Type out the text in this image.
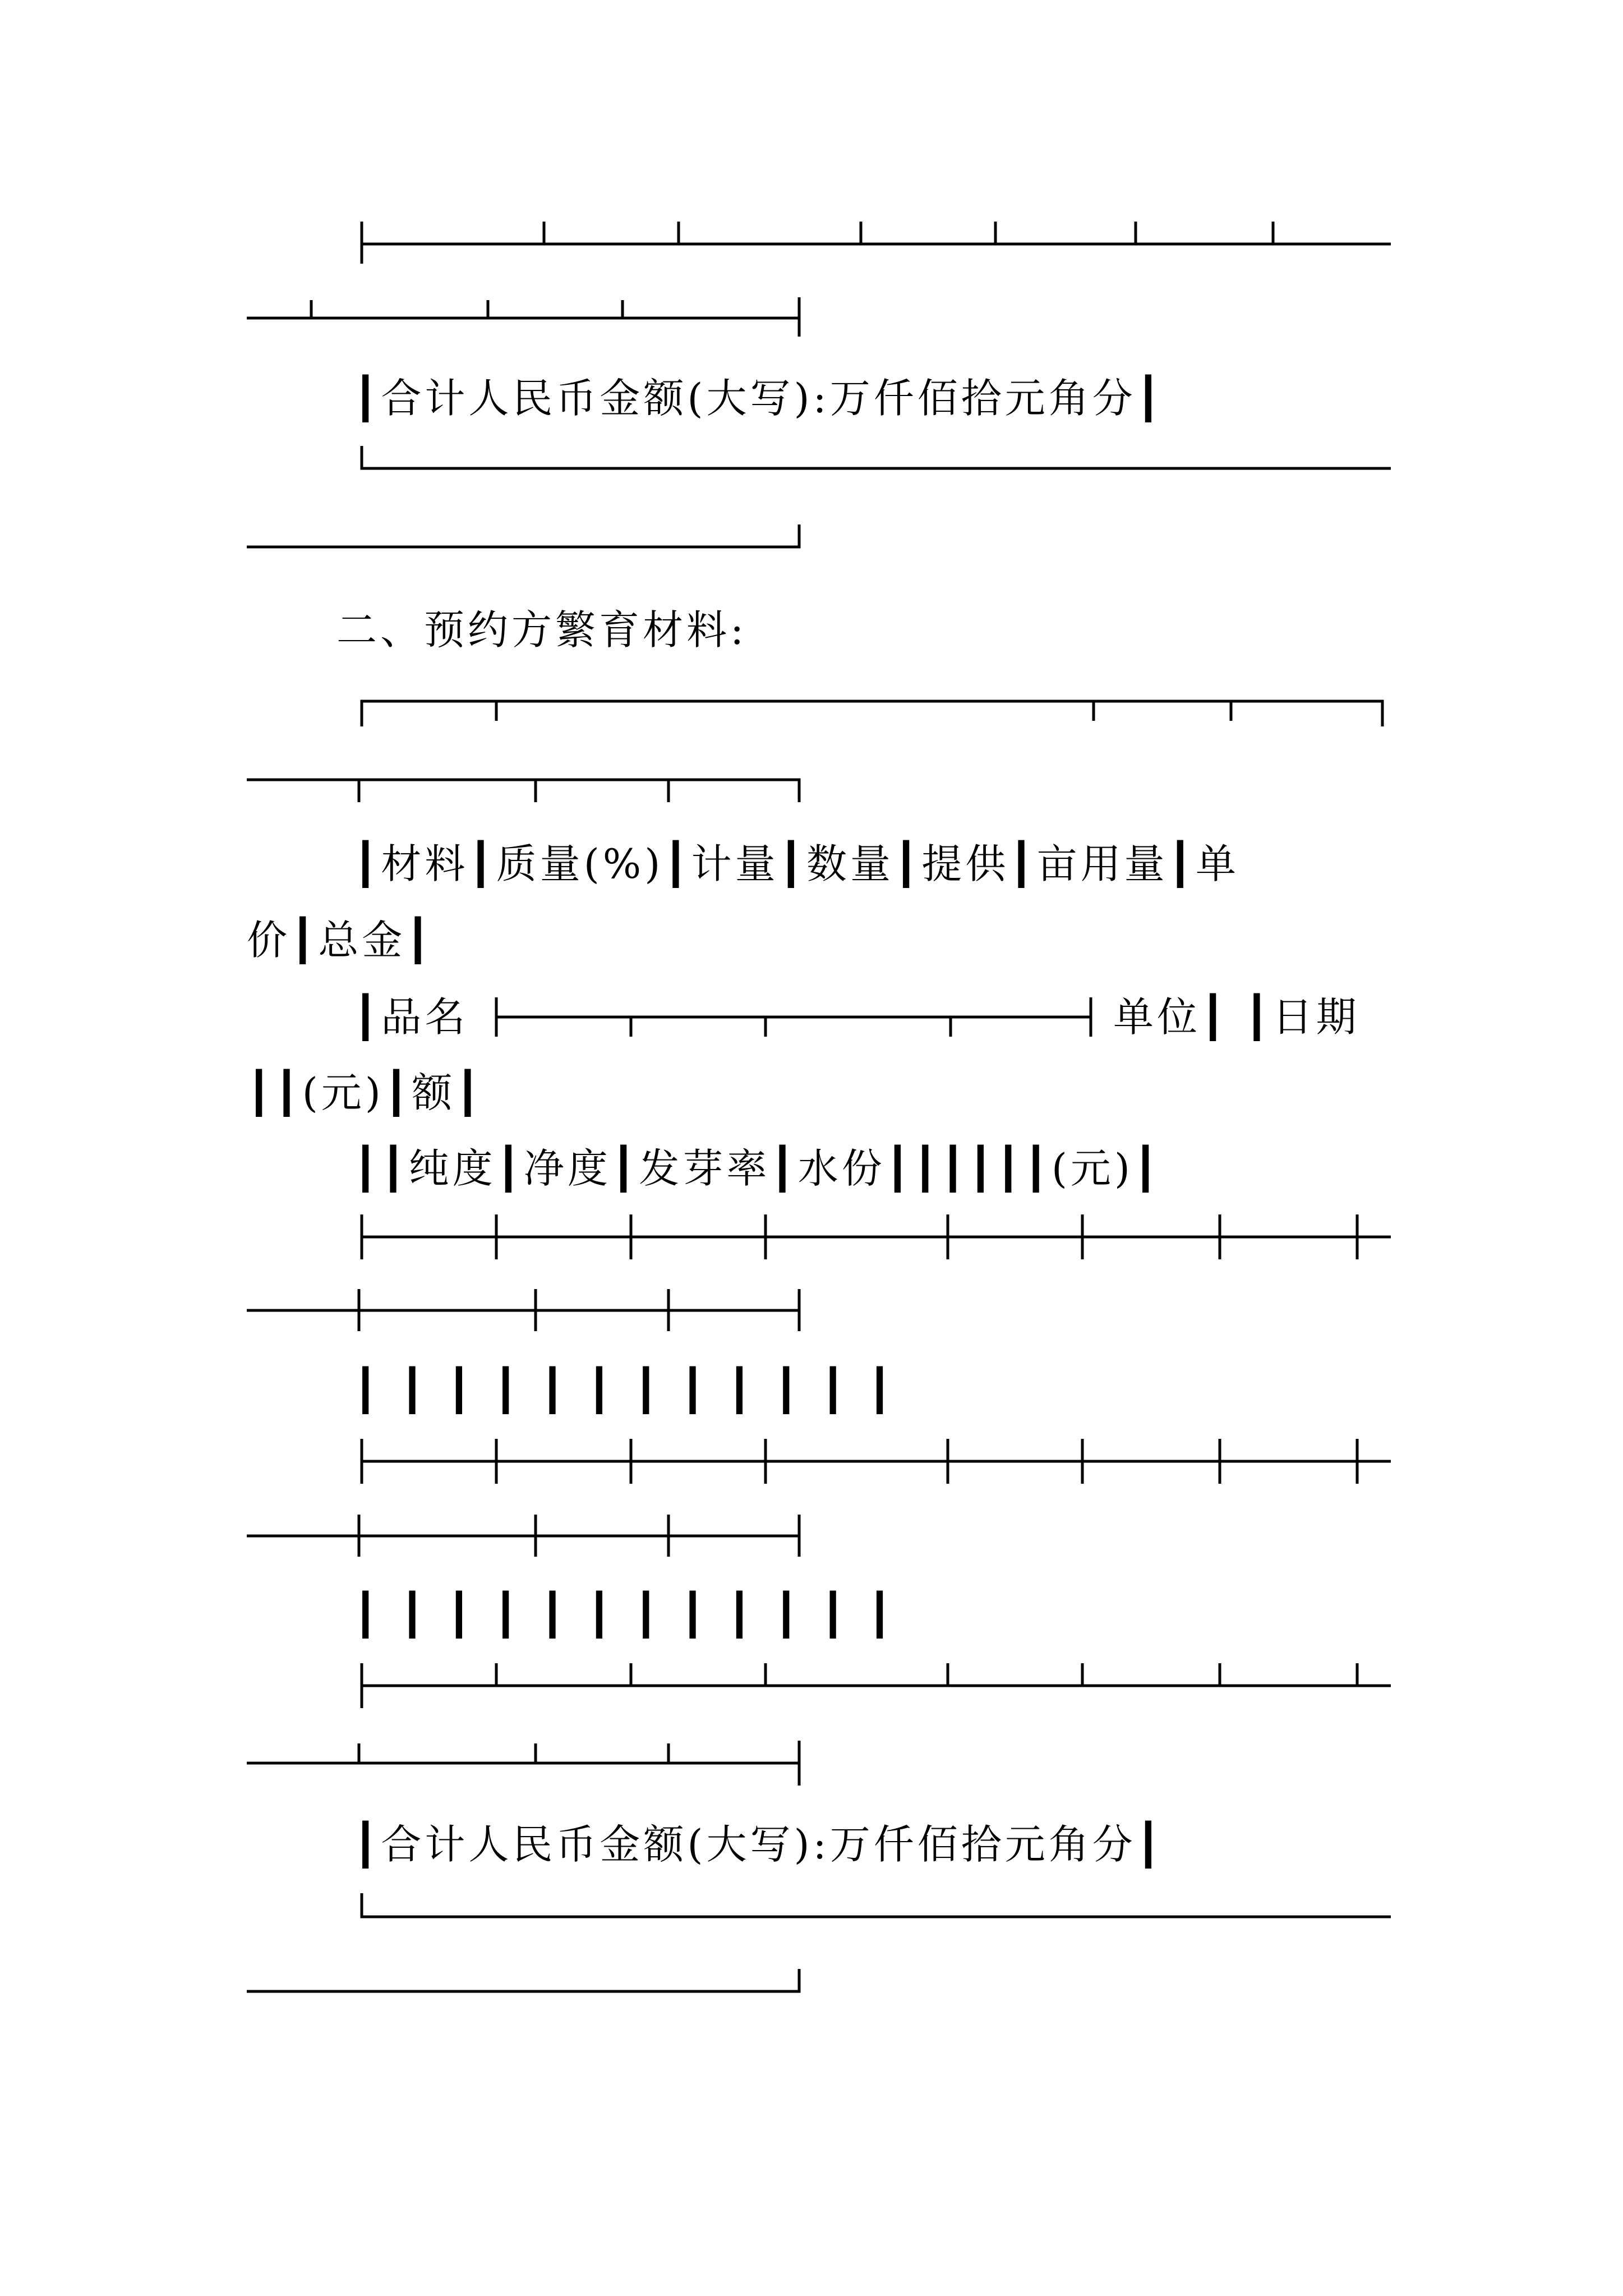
┃合计人民币金额(大写):万仟佰拾元角分┃
二、预约方繁育材料:
┃材料┃质量(%)┃计量┃数量┃提供┃亩用量┃单
价┃总金┃
┃品名	单位┃ ┃日期
┃┃(元)┃额┃
┃┃纯度┃净度┃发芽率┃水份┃┃┃┃┃┃(元)┃
┃┃┃┃┃┃┃┃┃┃┃┃
┃┃┃┃┃┃┃┃┃┃┃┃
┃合计人民币金额(大写):万仟佰拾元角分┃
